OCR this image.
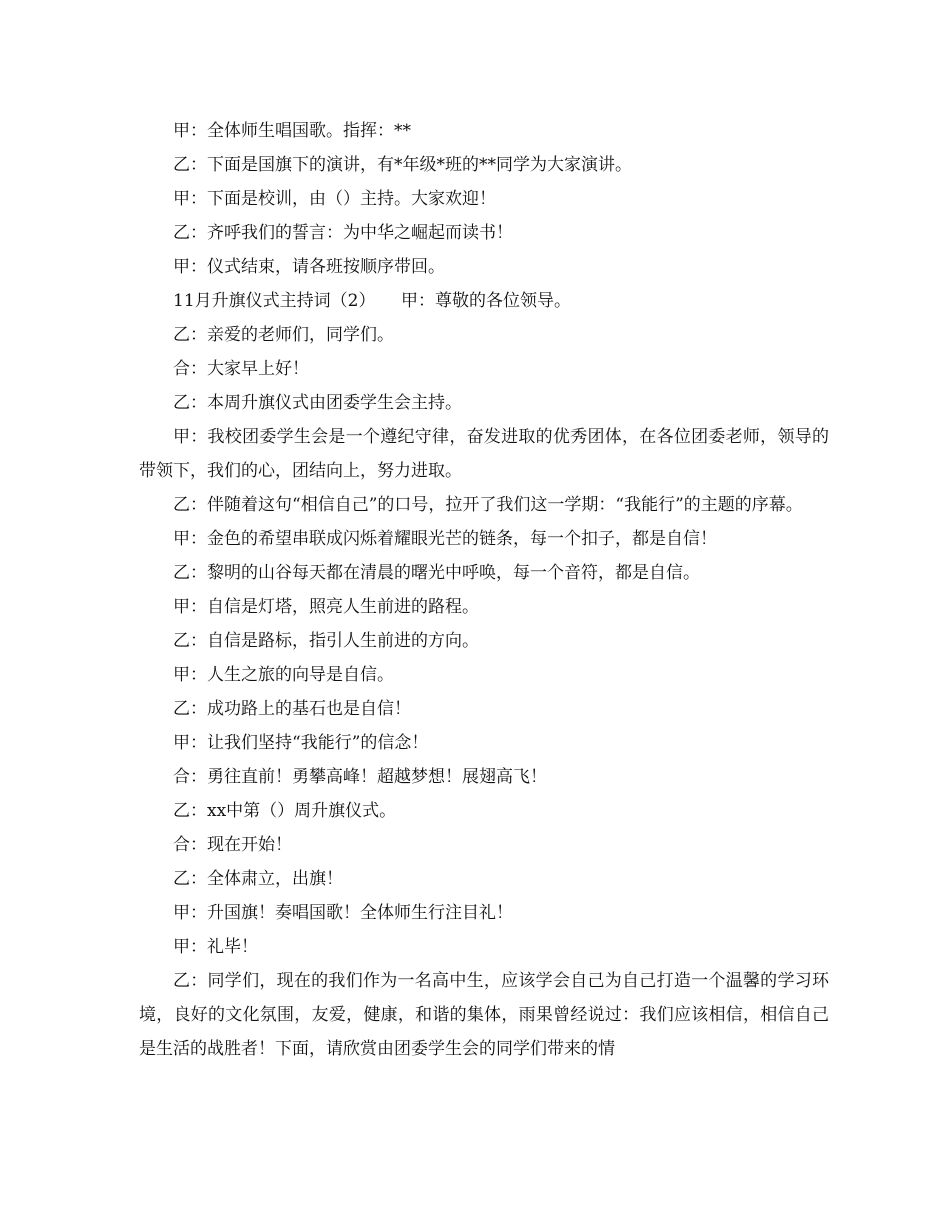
甲：全体师生唱国歌。指挥：**

乙：下面是国旗下的演讲，有*年级*班的**同学为大家演讲。

甲：下面是校训，由（）主持。大家欢迎！

乙：齐呼我们的誓言：为中华之崛起而读书！

甲：仪式结束，请各班按顺序带回。

11月升旗仪式主持词（2）　　甲：尊敬的各位领导。

乙：亲爱的老师们，同学们。

合：大家早上好！

乙：本周升旗仪式由团委学生会主持。

甲：我校团委学生会是一个遵纪守律，奋发进取的优秀团体，在各位团委老师，领导的带领下，我们的心，团结向上，努力进取。

乙：伴随着这句“相信自己”的口号，拉开了我们这一学期：“我能行”的主题的序幕。

甲：金色的希望串联成闪烁着耀眼光芒的链条，每一个扣子，都是自信！

乙：黎明的山谷每天都在清晨的曙光中呼唤，每一个音符，都是自信。

甲：自信是灯塔，照亮人生前进的路程。

乙：自信是路标，指引人生前进的方向。

甲：人生之旅的向导是自信。

乙：成功路上的基石也是自信！

甲：让我们坚持“我能行”的信念！

合：勇往直前！勇攀高峰！超越梦想！展翅高飞！

乙：xx中第（）周升旗仪式。

合：现在开始！

乙：全体肃立，出旗！

甲：升国旗！奏唱国歌！全体师生行注目礼！

甲：礼毕！

乙：同学们，现在的我们作为一名高中生，应该学会自己为自己打造一个温馨的学习环境，良好的文化氛围，友爱，健康，和谐的集体，雨果曾经说过：我们应该相信，相信自己是生活的战胜者！下面，请欣赏由团委学生会的同学们带来的情
